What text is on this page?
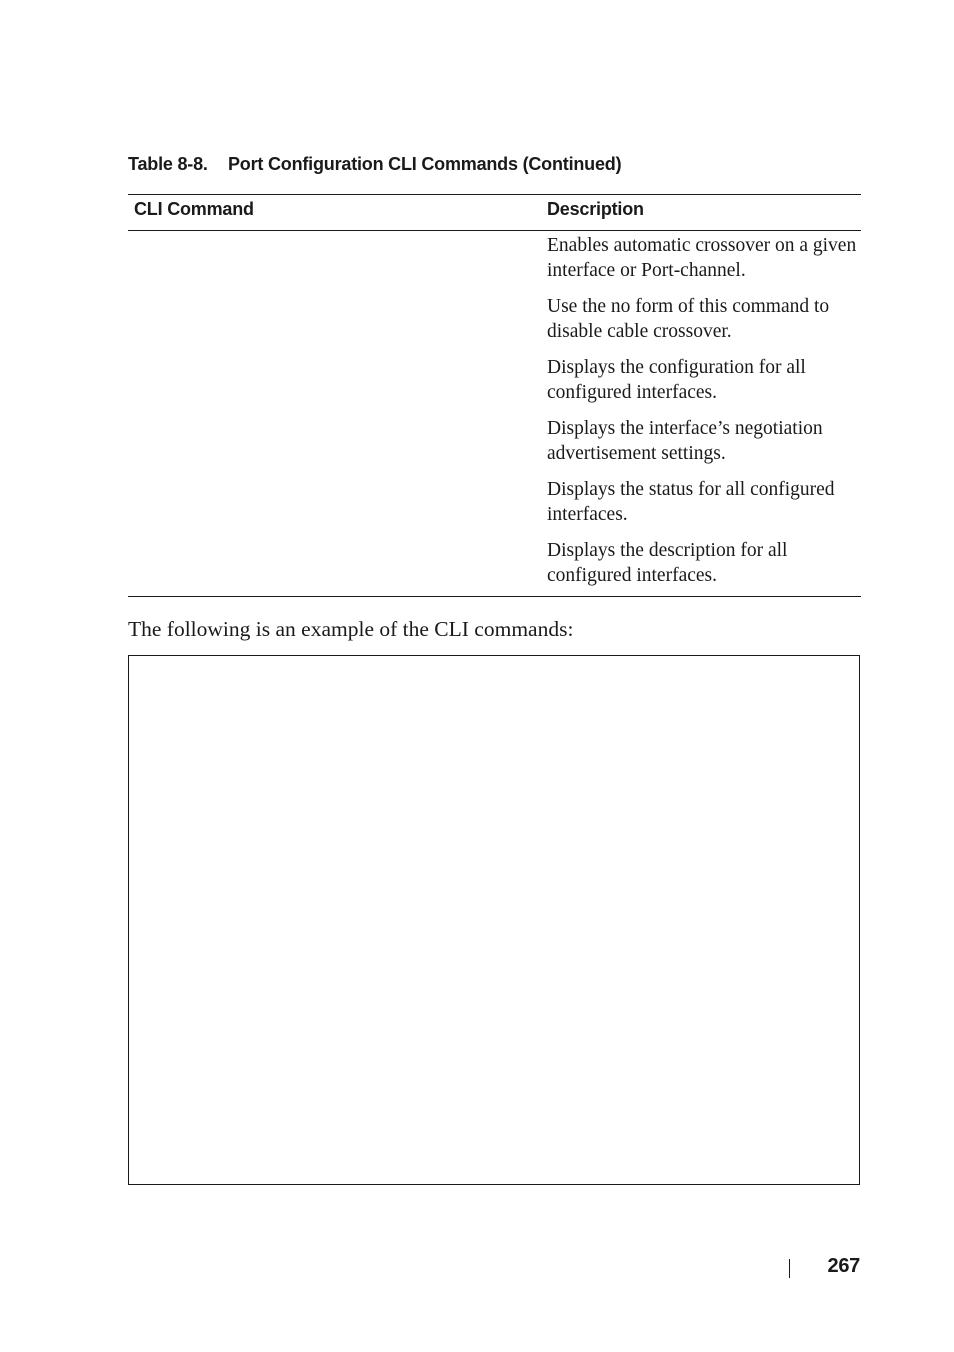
Table 8-8. Port Configuration CLI Commands (Continued)
CLI Command	Description

Enables automatic crossover on a given interface or Port-channel.

Use the no form of this command to disable cable crossover.

Displays the configuration for all configured interfaces.

Displays the interface’s negotiation advertisement settings.

Displays the status for all configured interfaces.

Displays the description for all configured interfaces.

The following is an example of the CLI commands:
267
